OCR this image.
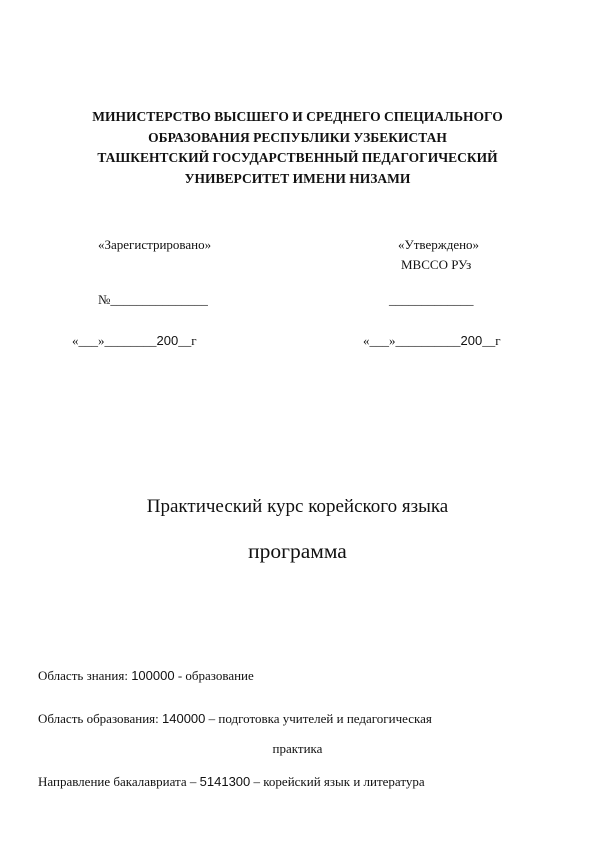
МИНИСТЕРСТВО ВЫСШЕГО И СРЕДНЕГО СПЕЦИАЛЬНОГО
ОБРАЗОВАНИЯ РЕСПУБЛИКИ УЗБЕКИСТАН
ТАШКЕНТСКИЙ ГОСУДАРСТВЕННЫЙ ПЕДАГОГИЧЕСКИЙ
УНИВЕРСИТЕТ ИМЕНИ НИЗАМИ
«Зарегистрировано»
№_______________
«___»________200__г
«Утверждено»
МВССО РУз
_____________
«___»__________200__г
Практический курс корейского языка
программа
Область знания: 100000 - образование
Область образования: 140000 – подготовка учителей и педагогическая
практика
Направление бакалавриата – 5141300 – корейский язык и литература
